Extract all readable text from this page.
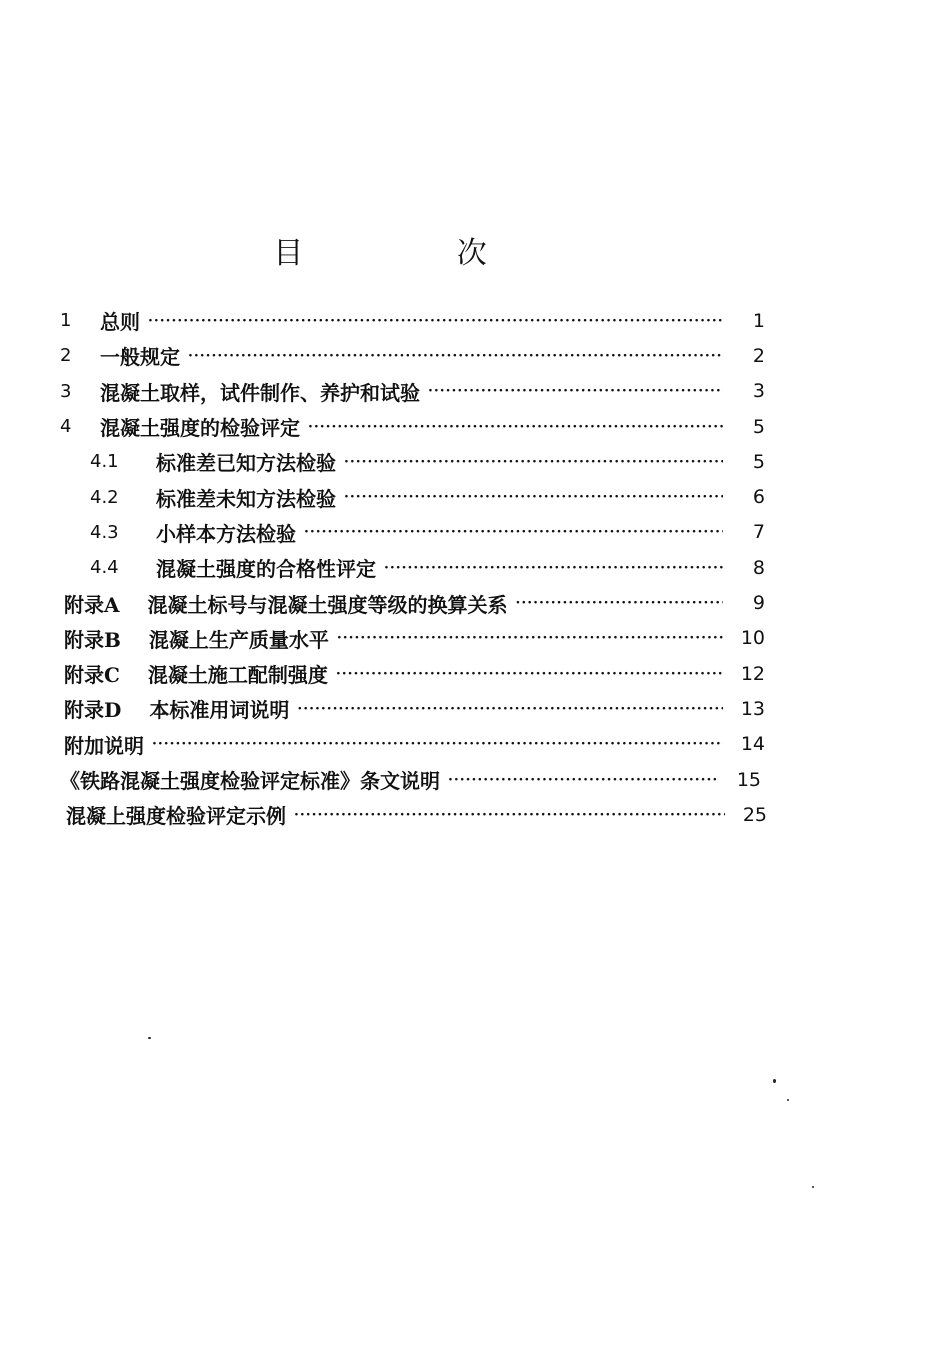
目 次
1	总则 ·····	1
2	一般规定 ·····	2
3	混凝土取样，试件制作、养护和试验 ·····	3
4	混凝土强度的检验评定 ·····	5
4.1	标准差已知方法检验 ·····	5
4.2	标准差未知方法检验 ·····	6
4.3	小样本方法检验 ·····	7
4.4	混凝土强度的合格性评定 ·····	8
附录A 混凝土标号与混凝土强度等级的换算关系 ·····	9
附录B 混凝上生产质量水平 ·····	10
附录C 混凝土施工配制强度 ·····	12
附录D 本标准用词说明 ·····	13
附加说明 ·····	14
《铁路混凝土强度检验评定标准》条文说明 ·····	15
混凝上强度检验评定示例 ·····	25
